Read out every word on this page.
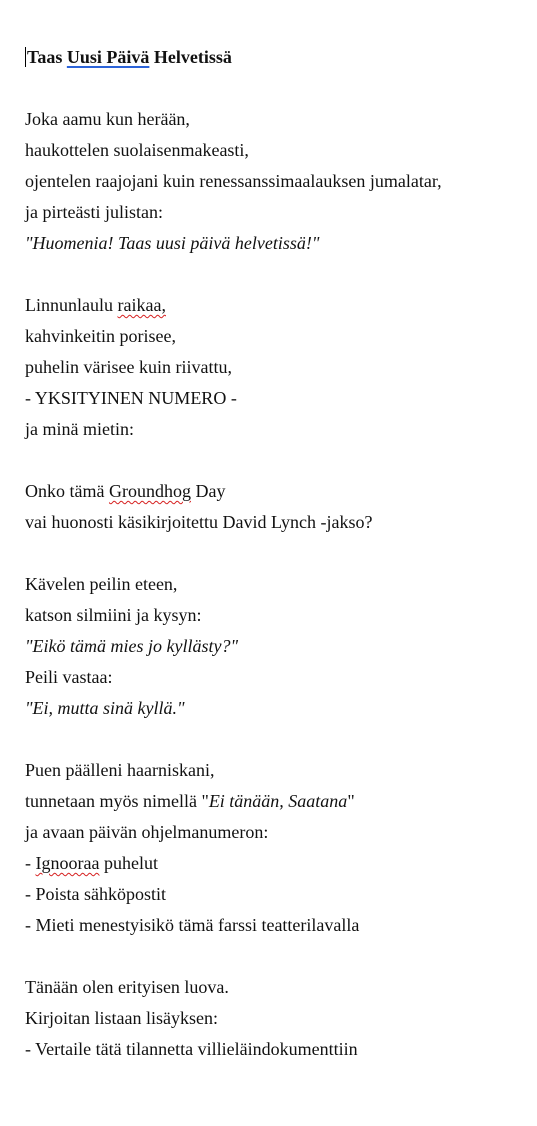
Taas Uusi Päivä Helvetissä
Joka aamu kun herään,
haukottelen suolaisenmakeasti,
ojentelen raajojani kuin renessanssimaalauksen jumalatar,
ja pirteästi julistan:
"Huomenia! Taas uusi päivä helvetissä!"
Linnunlaulu raikaa,
kahvinkeitin porisee,
puhelin värisee kuin riivattu,
- YKSITYINEN NUMERO -
ja minä mietin:
Onko tämä Groundhog Day
vai huonosti käsikirjoitettu David Lynch -jakso?
Kävelen peilin eteen,
katson silmiini ja kysyn:
"Eikö tämä mies jo kyllästy?"
Peili vastaa:
"Ei, mutta sinä kyllä."
Puen päälleni haarniskani,
tunnetaan myös nimellä "Ei tänään, Saatana"
ja avaan päivän ohjelmanumeron:
- Ignooraa puhelut
- Poista sähköpostit
- Mieti menestyisikö tämä farssi teatterilavalla
Tänään olen erityisen luova.
Kirjoitan listaan lisäyksen:
- Vertaile tätä tilannetta villieläindokumenttiin
